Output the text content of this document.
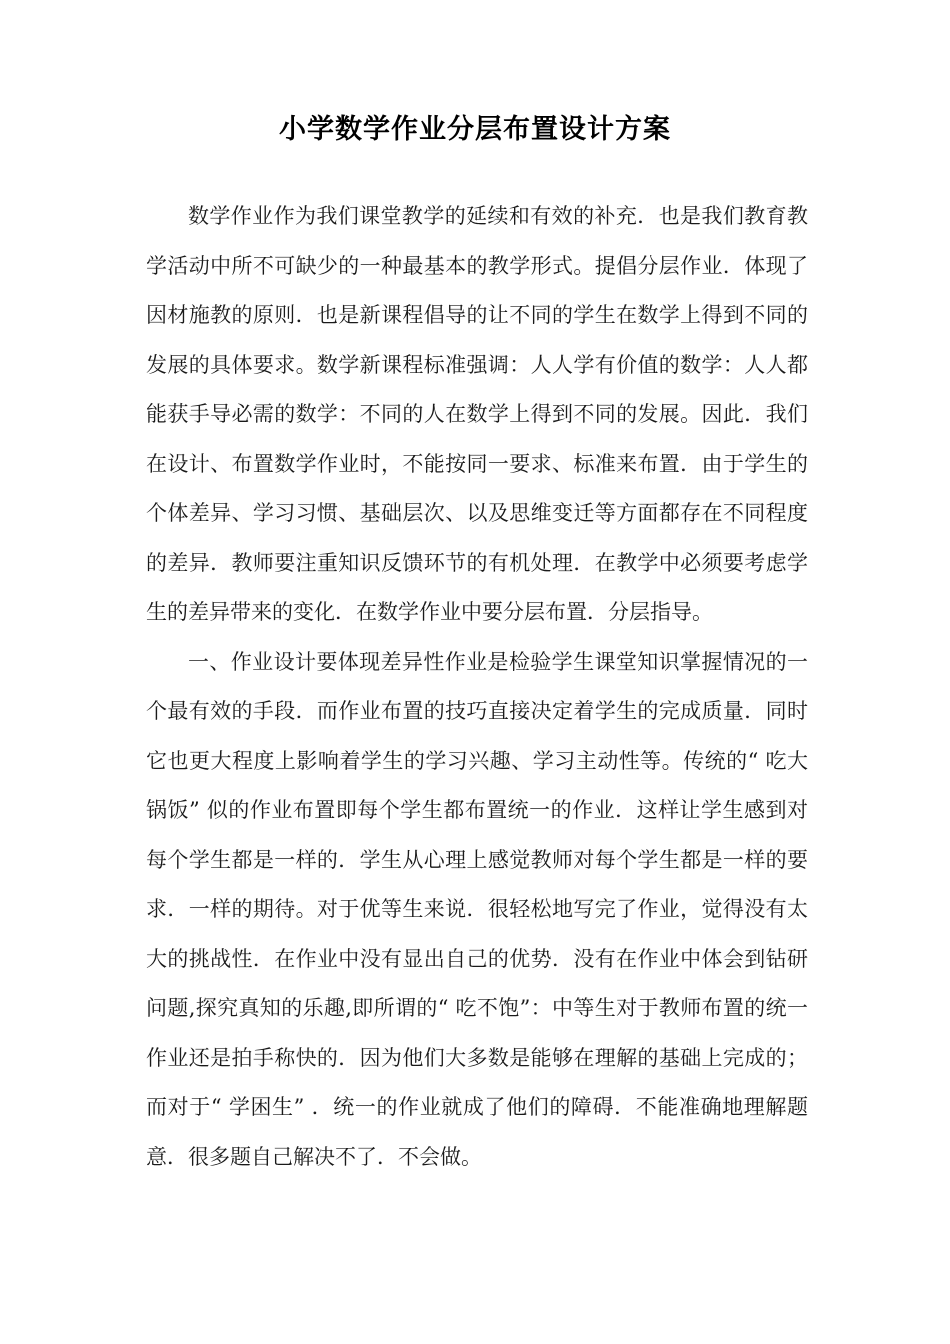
小学数学作业分层布置设计方案

数学作业作为我们课堂教学的延续和有效的补充．也是我们教育教学活动中所不可缺少的一种最基本的教学形式。提倡分层作业．体现了因材施教的原则．也是新课程倡导的让不同的学生在数学上得到不同的发展的具体要求。数学新课程标准强调：人人学有价值的数学：人人都能获手导必需的数学：不同的人在数学上得到不同的发展。因此．我们在设计、布置数学作业时，不能按同一要求、标准来布置．由于学生的个体差异、学习习惯、基础层次、以及思维变迁等方面都存在不同程度的差异．教师要注重知识反馈环节的有机处理．在教学中必须要考虑学生的差异带来的变化．在数学作业中要分层布置．分层指导。

一、作业设计要体现差异性作业是检验学生课堂知识掌握情况的一个最有效的手段．而作业布置的技巧直接决定着学生的完成质量．同时它也更大程度上影响着学生的学习兴趣、学习主动性等。传统的“ 吃大锅饭” 似的作业布置即每个学生都布置统一的作业．这样让学生感到对每个学生都是一样的．学生从心理上感觉教师对每个学生都是一样的要求．一样的期待。对于优等生来说．很轻松地写完了作业，觉得没有太大的挑战性．在作业中没有显出自己的优势．没有在作业中体会到钻研问题,探究真知的乐趣,即所谓的“ 吃不饱”：中等生对于教师布置的统一作业还是拍手称快的．因为他们大多数是能够在理解的基础上完成的；而对于“ 学困生” ．统一的作业就成了他们的障碍．不能准确地理解题意．很多题自己解决不了．不会做。
